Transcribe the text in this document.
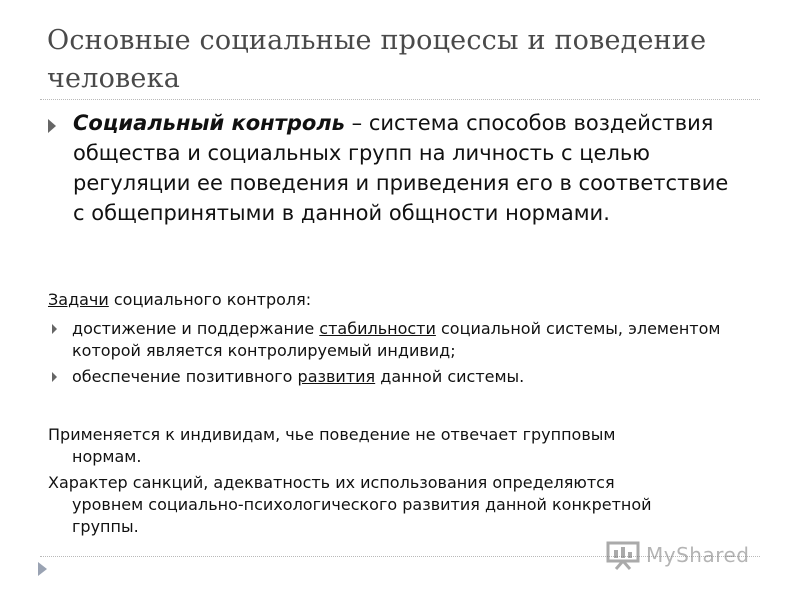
Основные социальные процессы и поведение человека
Социальный контроль – система способов воздействия общества и социальных групп на личность с целью регуляции ее поведения и приведения его в соответствие с общепринятыми в данной общности нормами.
Задачи социального контроля:
достижение и поддержание стабильности социальной системы, элементом которой является контролируемый индивид;
обеспечение позитивного развития данной системы.
Применяется к индивидам, чье поведение не отвечает групповым
нормам.
Характер санкций, адекватность их использования определяются
уровнем социально-психологического развития данной конкретной
группы.
MyShared
